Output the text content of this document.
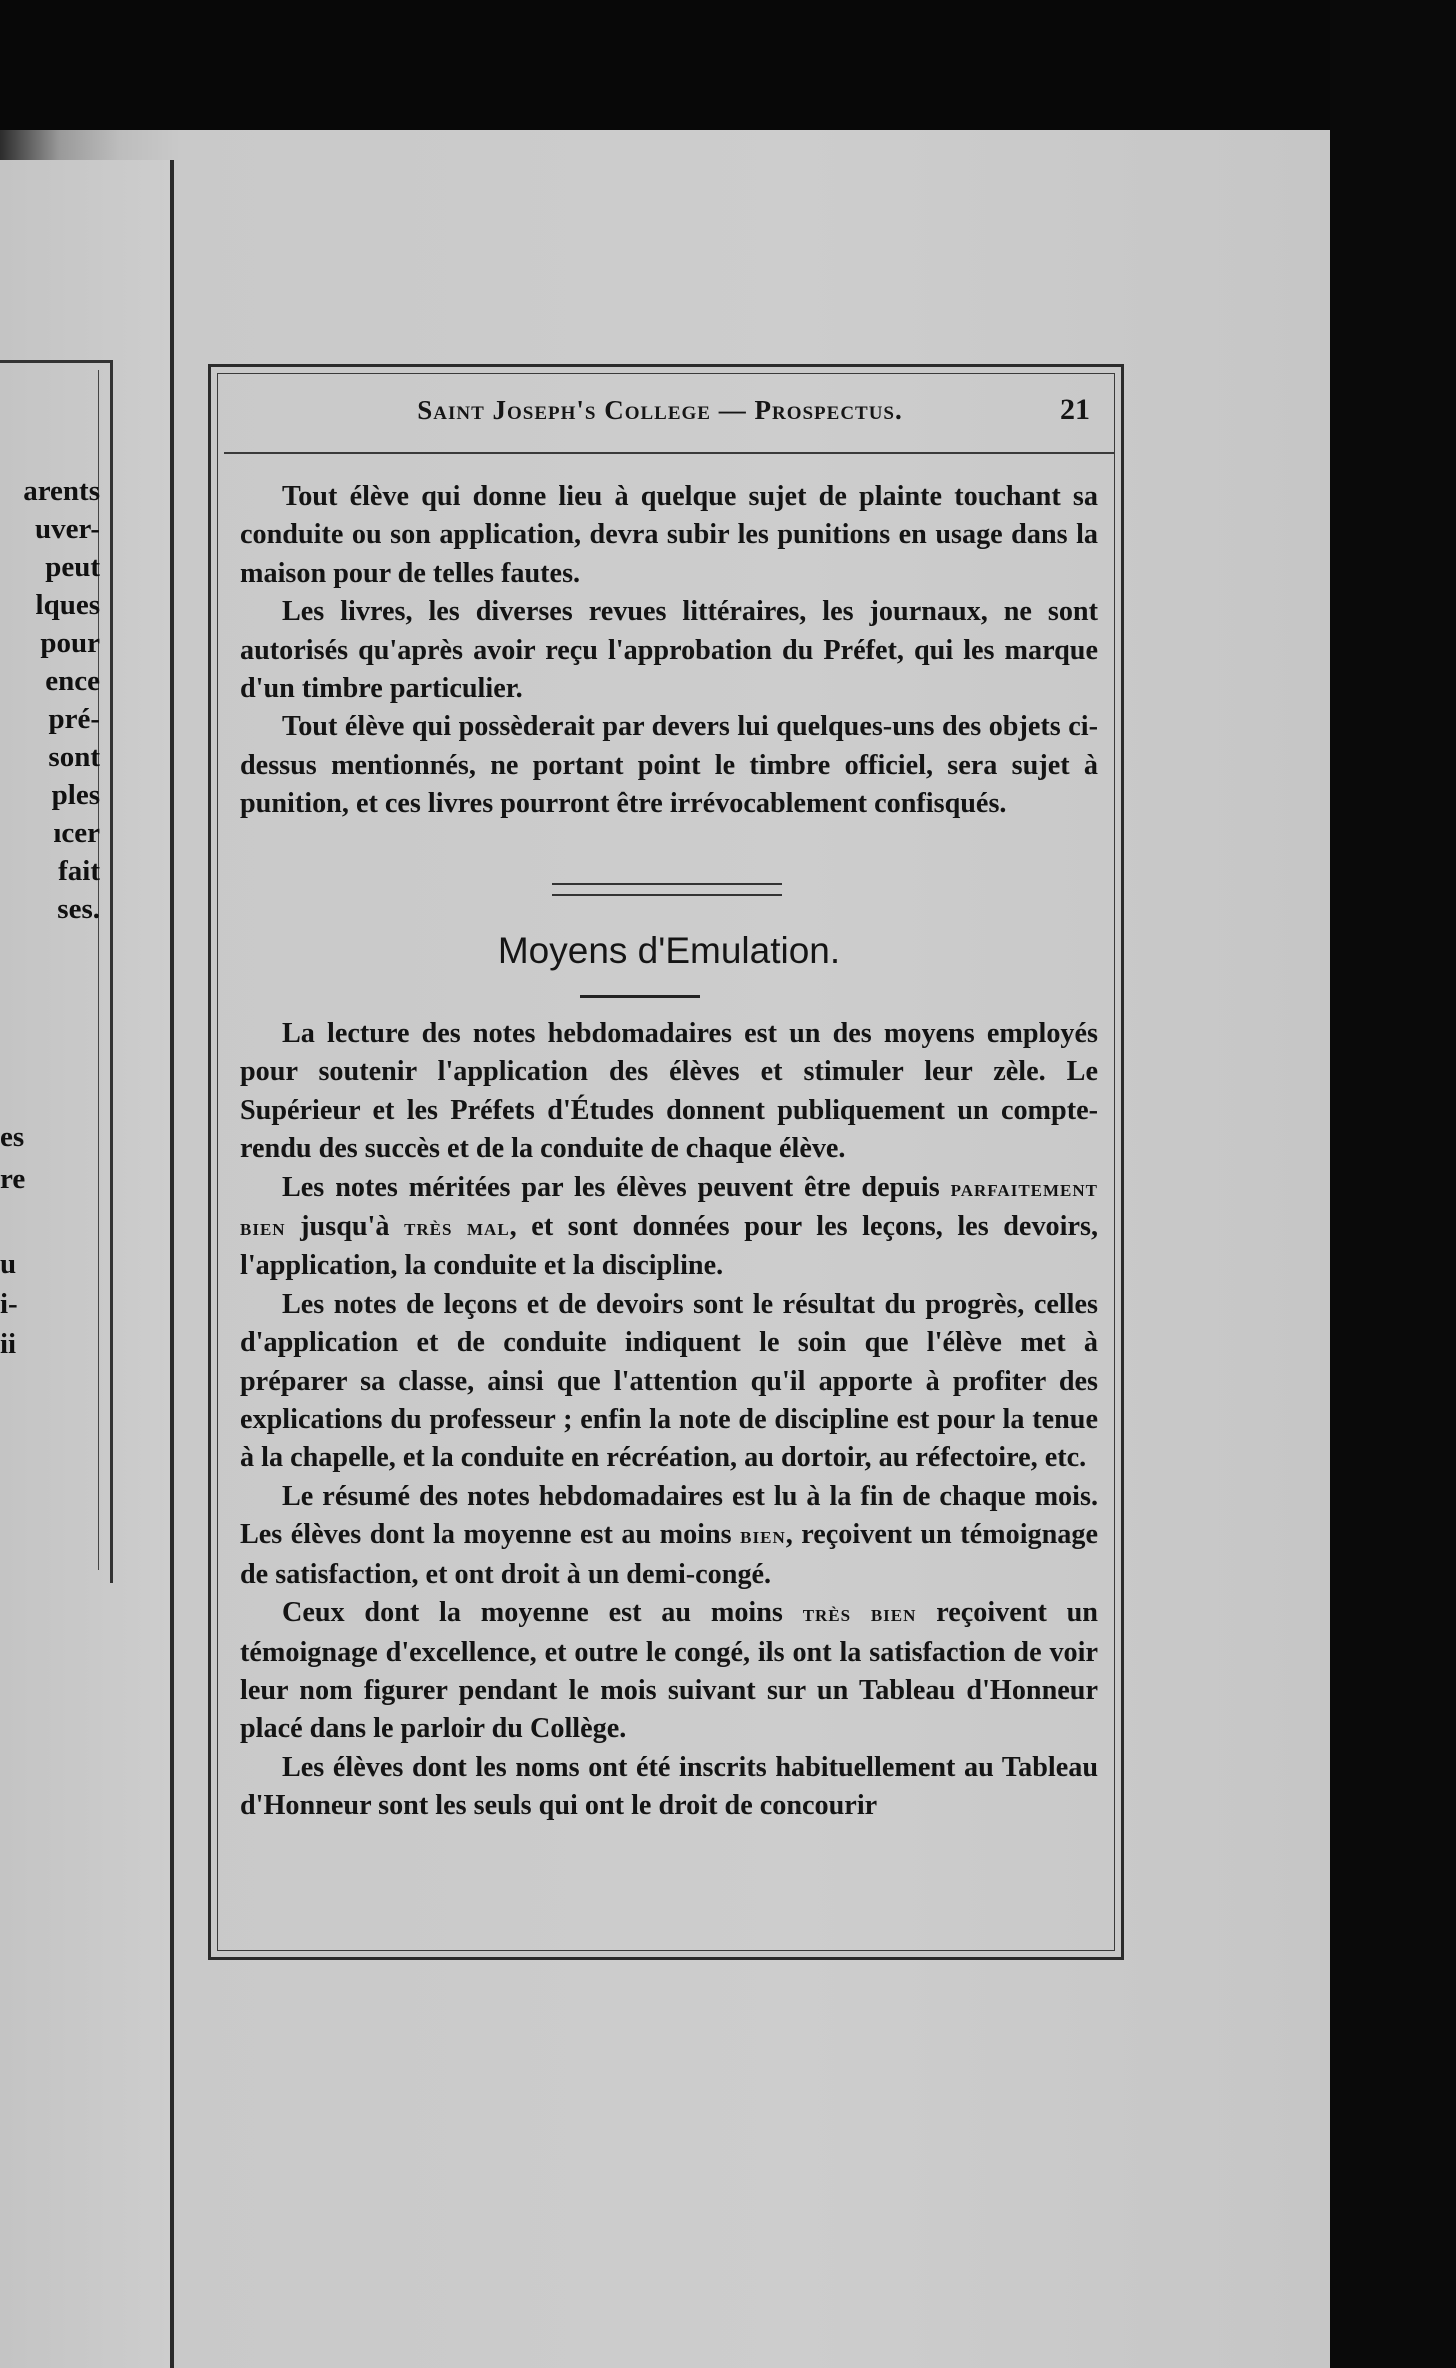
arents
uver-
peut
lques
pour
ence
pré-
sont
ples
ıcer
fait
ses.
es
re
u
i-
ii
Saint Joseph's College — Prospectus.	21

Tout élève qui donne lieu à quelque sujet de plainte touchant sa conduite ou son application, devra subir les punitions en usage dans la maison pour de telles fautes.

Les livres, les diverses revues littéraires, les journaux, ne sont autorisés qu'après avoir reçu l'approbation du Préfet, qui les marque d'un timbre particulier.

Tout élève qui possèderait par devers lui quelques-uns des objets ci-dessus mentionnés, ne portant point le timbre officiel, sera sujet à punition, et ces livres pourront être irrévocablement confisqués.

Moyens d'Emulation.

La lecture des notes hebdomadaires est un des moyens employés pour soutenir l'application des élèves et stimuler leur zèle. Le Supérieur et les Préfets d'Études donnent publiquement un compte-rendu des succès et de la conduite de chaque élève.

Les notes méritées par les élèves peuvent être depuis parfaitement bien jusqu'à très mal, et sont données pour les leçons, les devoirs, l'application, la conduite et la discipline.

Les notes de leçons et de devoirs sont le résultat du progrès, celles d'application et de conduite indiquent le soin que l'élève met à préparer sa classe, ainsi que l'attention qu'il apporte à profiter des explications du professeur ; enfin la note de discipline est pour la tenue à la chapelle, et la conduite en récréation, au dortoir, au réfectoire, etc.

Le résumé des notes hebdomadaires est lu à la fin de chaque mois. Les élèves dont la moyenne est au moins bien, reçoivent un témoignage de satisfaction, et ont droit à un demi-congé.

Ceux dont la moyenne est au moins très bien reçoivent un témoignage d'excellence, et outre le congé, ils ont la satisfaction de voir leur nom figurer pendant le mois suivant sur un Tableau d'Honneur placé dans le parloir du Collège.

Les élèves dont les noms ont été inscrits habituellement au Tableau d'Honneur sont les seuls qui ont le droit de concourir
